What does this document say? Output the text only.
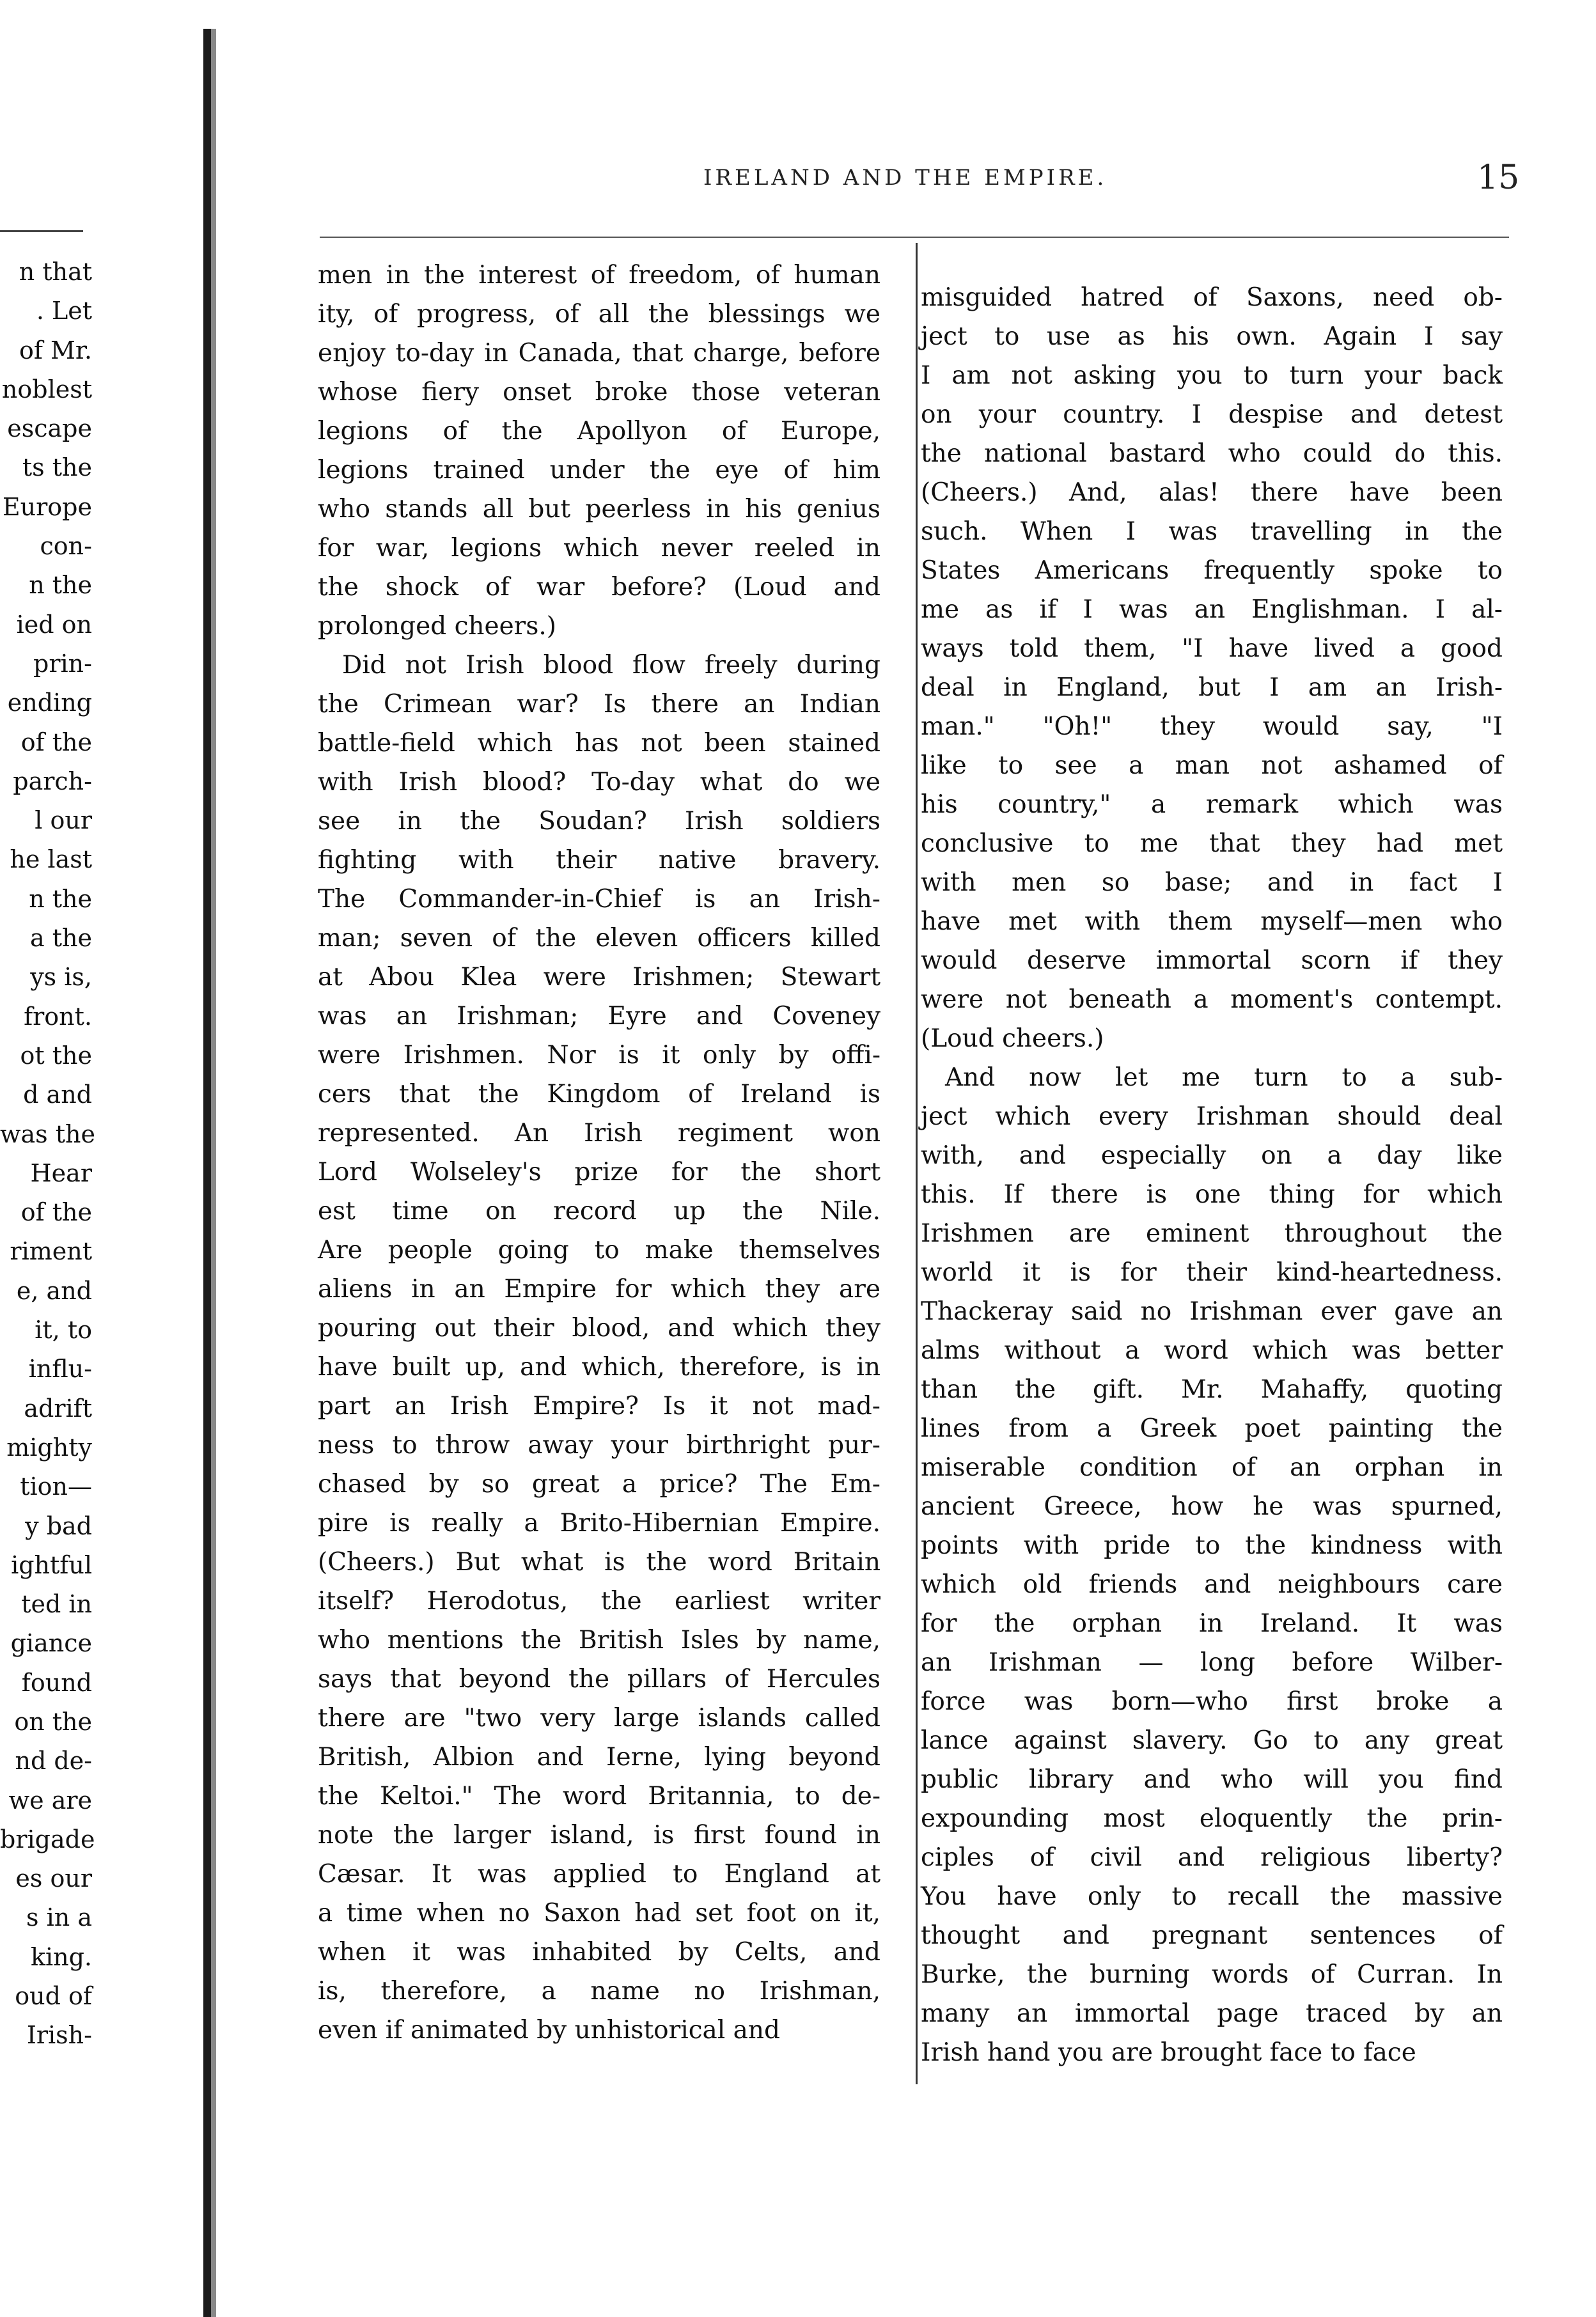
n that
. Let
of Mr.
noblest
escape
ts the
Europe
con-
n the
ied on
prin-
ending
of the
parch-
l our
he last
n the
a the
ys is,
front.
ot the
d and
was the
Hear
of the
riment
e, and
it, to
influ-
adrift
mighty
tion—
y bad
ightful
ted in
giance
found
on the
nd de-
we are
brigade
es our
s in a
king.
oud of
Irish-
IRELAND AND THE EMPIRE.	15
men in the interest of freedom, of human
ity, of progress, of all the blessings we
enjoy to-day in Canada, that charge, before
whose fiery onset broke those veteran
legions of the Apollyon of Europe,
legions trained under the eye of him
who stands all but peerless in his genius
for war, legions which never reeled in
the shock of war before? (Loud and
prolonged cheers.)
Did not Irish blood flow freely during
the Crimean war? Is there an Indian
battle-field which has not been stained
with Irish blood? To-day what do we
see in the Soudan? Irish soldiers
fighting with their native bravery.
The Commander-in-Chief is an Irish-
man; seven of the eleven officers killed
at Abou Klea were Irishmen; Stewart
was an Irishman; Eyre and Coveney
were Irishmen. Nor is it only by offi-
cers that the Kingdom of Ireland is
represented. An Irish regiment won
Lord Wolseley's prize for the short
est time on record up the Nile.
Are people going to make themselves
aliens in an Empire for which they are
pouring out their blood, and which they
have built up, and which, therefore, is in
part an Irish Empire? Is it not mad-
ness to throw away your birthright pur-
chased by so great a price? The Em-
pire is really a Brito-Hibernian Empire.
(Cheers.) But what is the word Britain
itself? Herodotus, the earliest writer
who mentions the British Isles by name,
says that beyond the pillars of Hercules
there are "two very large islands called
British, Albion and Ierne, lying beyond
the Keltoi." The word Britannia, to de-
note the larger island, is first found in
Cæsar. It was applied to England at
a time when no Saxon had set foot on it,
when it was inhabited by Celts, and
is, therefore, a name no Irishman,
even if animated by unhistorical and
misguided hatred of Saxons, need ob-
ject to use as his own. Again I say
I am not asking you to turn your back
on your country. I despise and detest
the national bastard who could do this.
(Cheers.) And, alas! there have been
such. When I was travelling in the
States Americans frequently spoke to
me as if I was an Englishman. I al-
ways told them, "I have lived a good
deal in England, but I am an Irish-
man." "Oh!" they would say, "I
like to see a man not ashamed of
his country," a remark which was
conclusive to me that they had met
with men so base; and in fact I
have met with them myself—men who
would deserve immortal scorn if they
were not beneath a moment's contempt.
(Loud cheers.)
And now let me turn to a sub-
ject which every Irishman should deal
with, and especially on a day like
this. If there is one thing for which
Irishmen are eminent throughout the
world it is for their kind-heartedness.
Thackeray said no Irishman ever gave an
alms without a word which was better
than the gift. Mr. Mahaffy, quoting
lines from a Greek poet painting the
miserable condition of an orphan in
ancient Greece, how he was spurned,
points with pride to the kindness with
which old friends and neighbours care
for the orphan in Ireland. It was
an Irishman — long before Wilber-
force was born—who first broke a
lance against slavery. Go to any great
public library and who will you find
expounding most eloquently the prin-
ciples of civil and religious liberty?
You have only to recall the massive
thought and pregnant sentences of
Burke, the burning words of Curran. In
many an immortal page traced by an
Irish hand you are brought face to face
